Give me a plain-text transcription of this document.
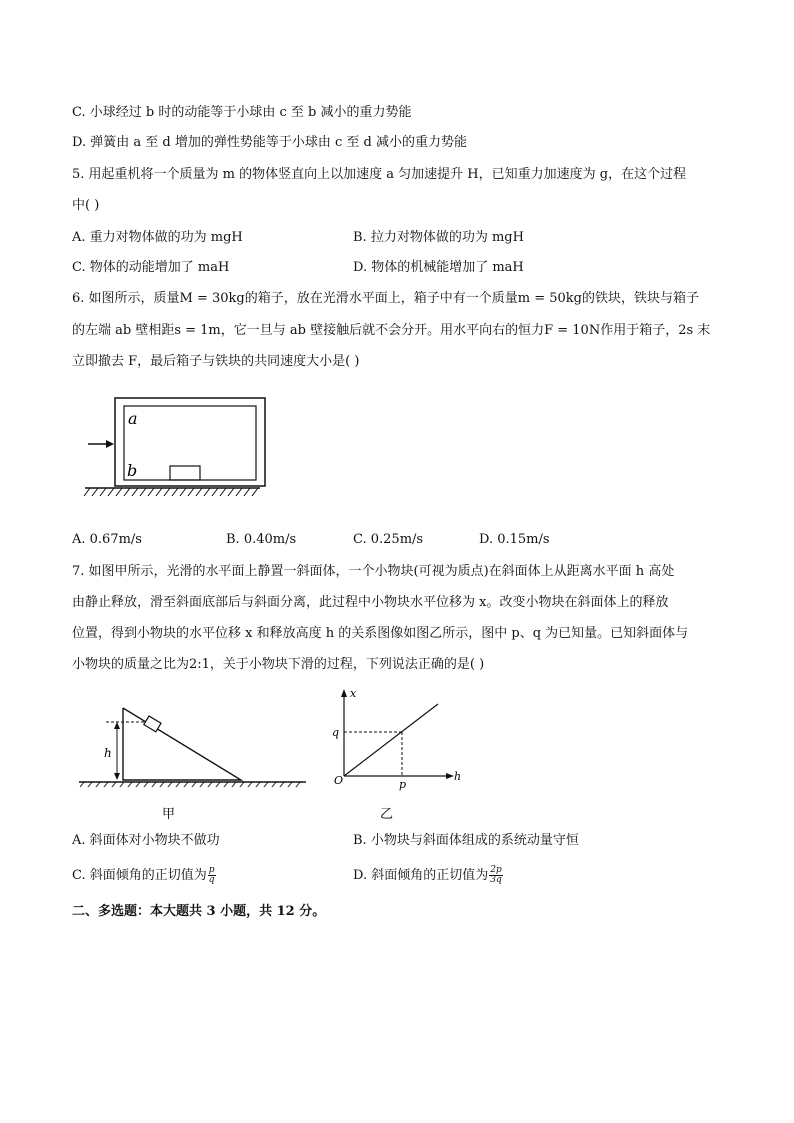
C. 小球经过 b 时的动能等于小球由 c 至 b 减小的重力势能
D. 弹簧由 a 至 d 增加的弹性势能等于小球由 c 至 d 减小的重力势能
5. 用起重机将一个质量为 m 的物体竖直向上以加速度 a 匀加速提升 H，已知重力加速度为 g，在这个过程
中( )
A. 重力对物体做的功为 mgH	B. 拉力对物体做的功为 mgH
C. 物体的动能增加了 maH	D. 物体的机械能增加了 maH
6. 如图所示，质量M = 30kg的箱子，放在光滑水平面上，箱子中有一个质量m = 50kg的铁块，铁块与箱子
的左端 ab 壁相距s = 1m，它一旦与 ab 壁接触后就不会分开。用水平向右的恒力F = 10N作用于箱子，2s 末
立即撤去 F，最后箱子与铁块的共同速度大小是( )
a
b
A. 0.67m/s	B. 0.40m/s	C. 0.25m/s	D. 0.15m/s
7. 如图甲所示，光滑的水平面上静置一斜面体，一个小物块(可视为质点)在斜面体上从距离水平面 h 高处
由静止释放，滑至斜面底部后与斜面分离，此过程中小物块水平位移为 x。改变小物块在斜面体上的释放
位置，得到小物块的水平位移 x 和释放高度 h 的关系图像如图乙所示，图中 p、q 为已知量。已知斜面体与
小物块的质量之比为2:1，关于小物块下滑的过程，下列说法正确的是( )
h
甲
x
h
O
q
p
乙
A. 斜面体对小物块不做功	B. 小物块与斜面体组成的系统动量守恒
C. 斜面倾角的正切值为 $\frac{p}{q}$	D. 斜面倾角的正切值为 $\frac{2p}{3q}$
二、多选题：本大题共 3 小题，共 12 分。
